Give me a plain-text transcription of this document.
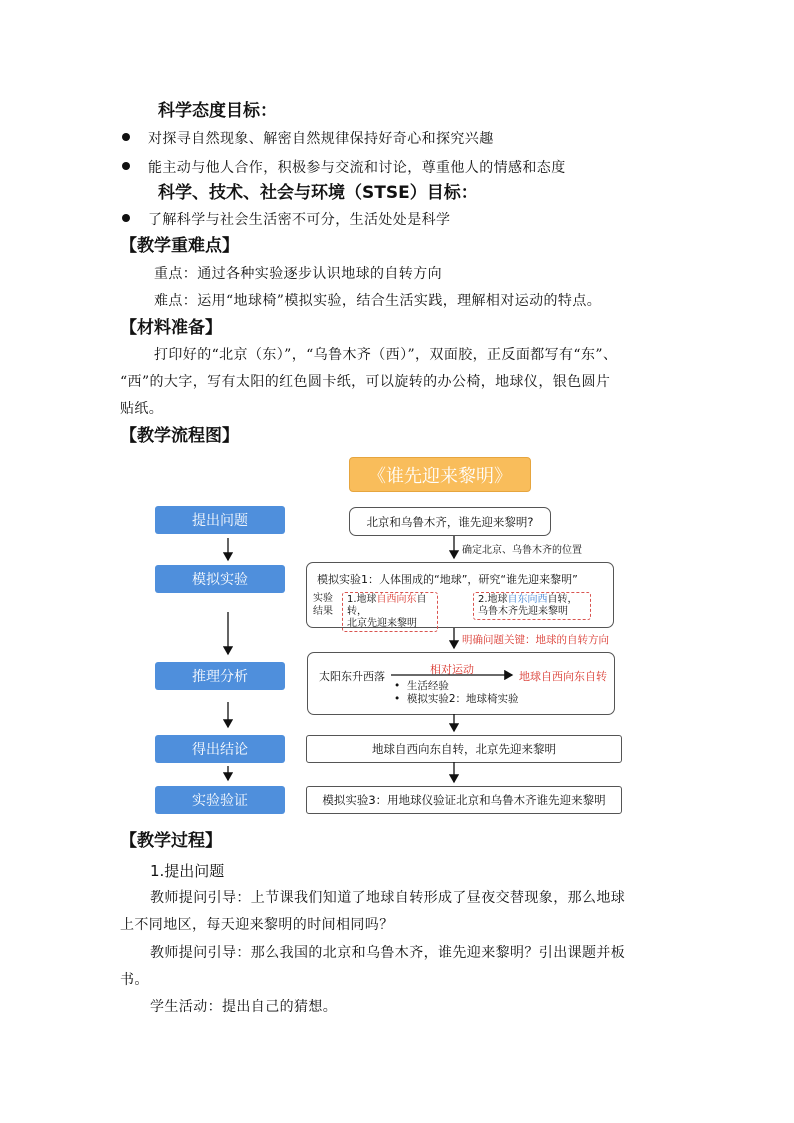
科学态度目标：
对探寻自然现象、解密自然规律保持好奇心和探究兴趣
能主动与他人合作，积极参与交流和讨论，尊重他人的情感和态度
科学、技术、社会与环境（STSE）目标：
了解科学与社会生活密不可分，生活处处是科学
【教学重难点】
重点：通过各种实验逐步认识地球的自转方向
难点：运用“地球椅”模拟实验，结合生活实践，理解相对运动的特点。
【材料准备】
打印好的“北京（东）”，“乌鲁木齐（西）”，双面胶，正反面都写有“东”、
“西”的大字，写有太阳的红色圆卡纸，可以旋转的办公椅，地球仪，银色圆片
贴纸。
【教学流程图】
《谁先迎来黎明》
提出问题
模拟实验
推理分析
得出结论
实验验证
北京和乌鲁木齐，谁先迎来黎明?
确定北京、乌鲁木齐的位置
模拟实验1：人体围成的“地球”，研究“谁先迎来黎明”
实验
结果
1.地球自西向东自转，
北京先迎来黎明
2.地球自东向西自转，
乌鲁木齐先迎来黎明
明确问题关键：地球的自转方向
太阳东升西落
相对运动
地球自西向东自转
•  生活经验
•  模拟实验2：地球椅实验
地球自西向东自转，北京先迎来黎明
模拟实验3：用地球仪验证北京和乌鲁木齐谁先迎来黎明
【教学过程】
1.提出问题
教师提问引导：上节课我们知道了地球自转形成了昼夜交替现象，那么地球
上不同地区，每天迎来黎明的时间相同吗？
教师提问引导：那么我国的北京和乌鲁木齐，谁先迎来黎明？引出课题并板
书。
学生活动：提出自己的猜想。
